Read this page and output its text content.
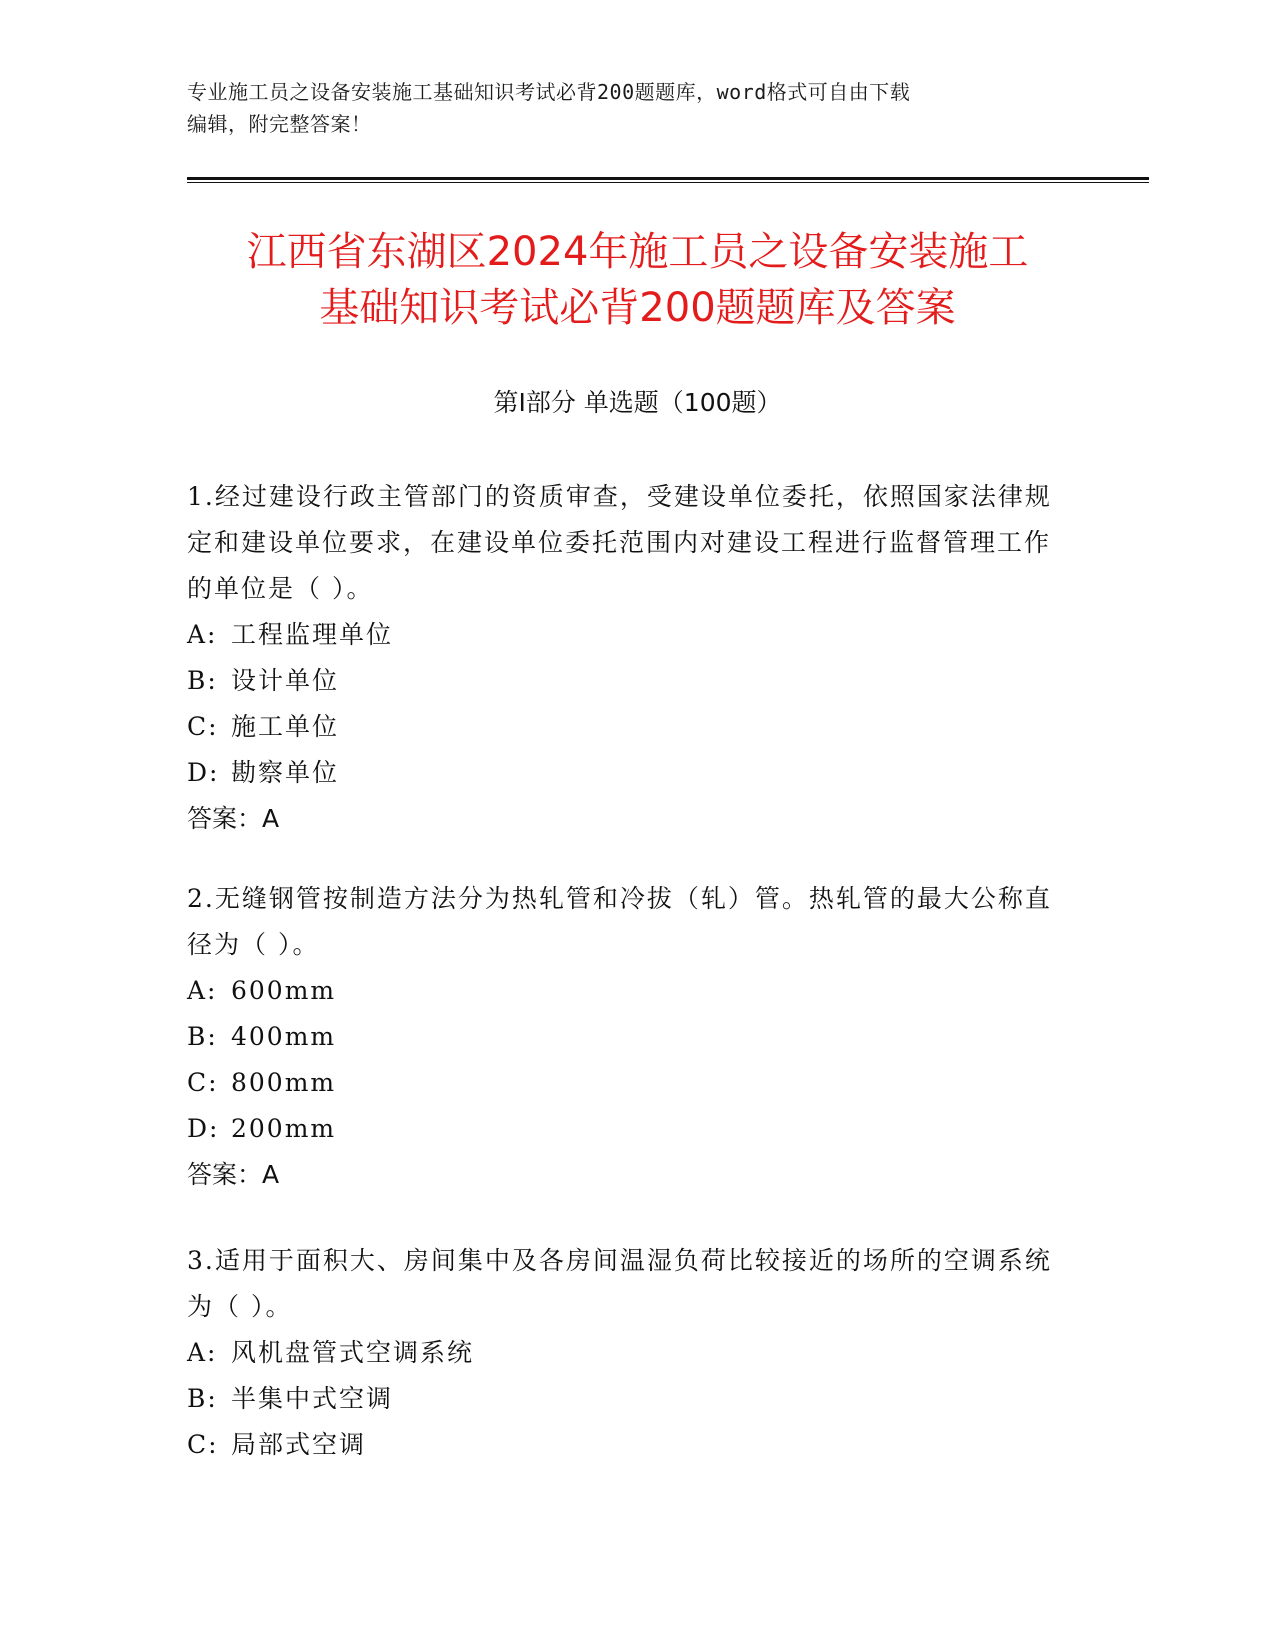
专业施工员之设备安装施工基础知识考试必背200题题库，word格式可自由下载
编辑，附完整答案！
江西省东湖区2024年施工员之设备安装施工
基础知识考试必背200题题库及答案
第Ⅰ部分 单选题（100题）

1.经过建设行政主管部门的资质审查，受建设单位委托，依照国家法律规定和建设单位要求，在建设单位委托范围内对建设工程进行监督管理工作的单位是（ ）。

A: 工程监理单位

B: 设计单位

C: 施工单位

D: 勘察单位

答案：A

2.无缝钢管按制造方法分为热轧管和冷拔（轧）管。热轧管的最大公称直径为（ ）。

A: 600mm

B: 400mm

C: 800mm

D: 200mm

答案：A

3.适用于面积大、房间集中及各房间温湿负荷比较接近的场所的空调系统为（ ）。

A: 风机盘管式空调系统

B: 半集中式空调

C: 局部式空调
